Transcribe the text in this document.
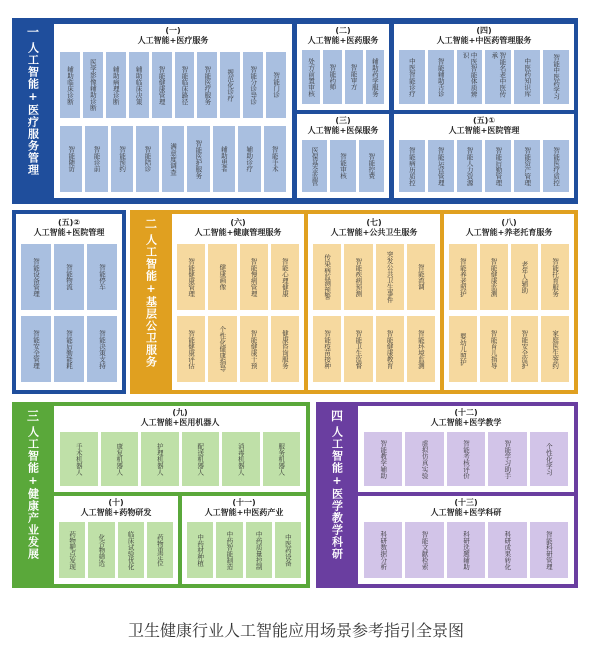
一
人工智能+医疗服务管理
(一)
人工智能+医疗服务
辅助临床诊断	医学影像辅助诊断	辅助病理诊断	辅助临床决策	智能健康管理	智能临床路径	智能医疗服务	规范化诊疗	智能分诊导诊	智能门诊
智能随访	智能诊前	智能预约	智能陪诊	满意度调查	智能医护服务	辅助患者	辅助诊疗	智能手术
(二)
人工智能+医药服务
处方前置审核	智能药师	智能审方	辅助药学服务
(三)
人工智能+医保服务
医保基金监管	智能审核	智能控费
(四)
人工智能+中医药管理服务
中医智能诊疗	智能辅助舌诊	中医智能体质辨识	智能名老中医传承
中医药知识库	智能中医药学习
(五)①
人工智能+医院管理
智能病历质控	智能运营管理	智能人力资源	智能后勤管理	智能资产管理	智能医疗质控
(五)②
人工智能+医院管理
智能设备管理	智能物流	智能停车
智能安全管理	智能后勤能耗	智能决策支持
二
人工智能+基层公卫服务
(六)
人工智能+健康管理服务
智能健康管理	健康画像	智能慢病管理	智能心理健康
智能健康评估	个性化健康指导	智能健康干预	健康咨询服务
(七)
人工智能+公共卫生服务
传染病监测预警	智能疾病预测	突发公共卫生事件	智能流调
智能疫苗接种	智能卫生监督	智能健康教育	智能环境监测
(八)
人工智能+养老托育服务
智能养老照护	智能健康监测	老年人辅助	智能托育服务
婴幼儿照护	智能育儿指导	智能安全监护	家庭医生签约
三
人工智能+健康产业发展
(九)
人工智能+医用机器人
手术机器人	康复机器人	护理机器人	配送机器人	消毒机器人	服务机器人
(十)
人工智能+药物研发
药物靶点发现	化合物筛选	临床试验优化	药物重定位
(十一)
人工智能+中医药产业
中药材种植	中药智能制造	中药质量控制	中医药设备
四
人工智能+医学教学科研
(十二)
人工智能+医学教学
智能教学辅助	虚拟仿真实验	智能考核评价	智能学习助手	个性化学习
(十三)
人工智能+医学科研
科研数据分析	智能文献检索	科研选题辅助	科研成果转化	智能科研管理
卫生健康行业人工智能应用场景参考指引全景图
